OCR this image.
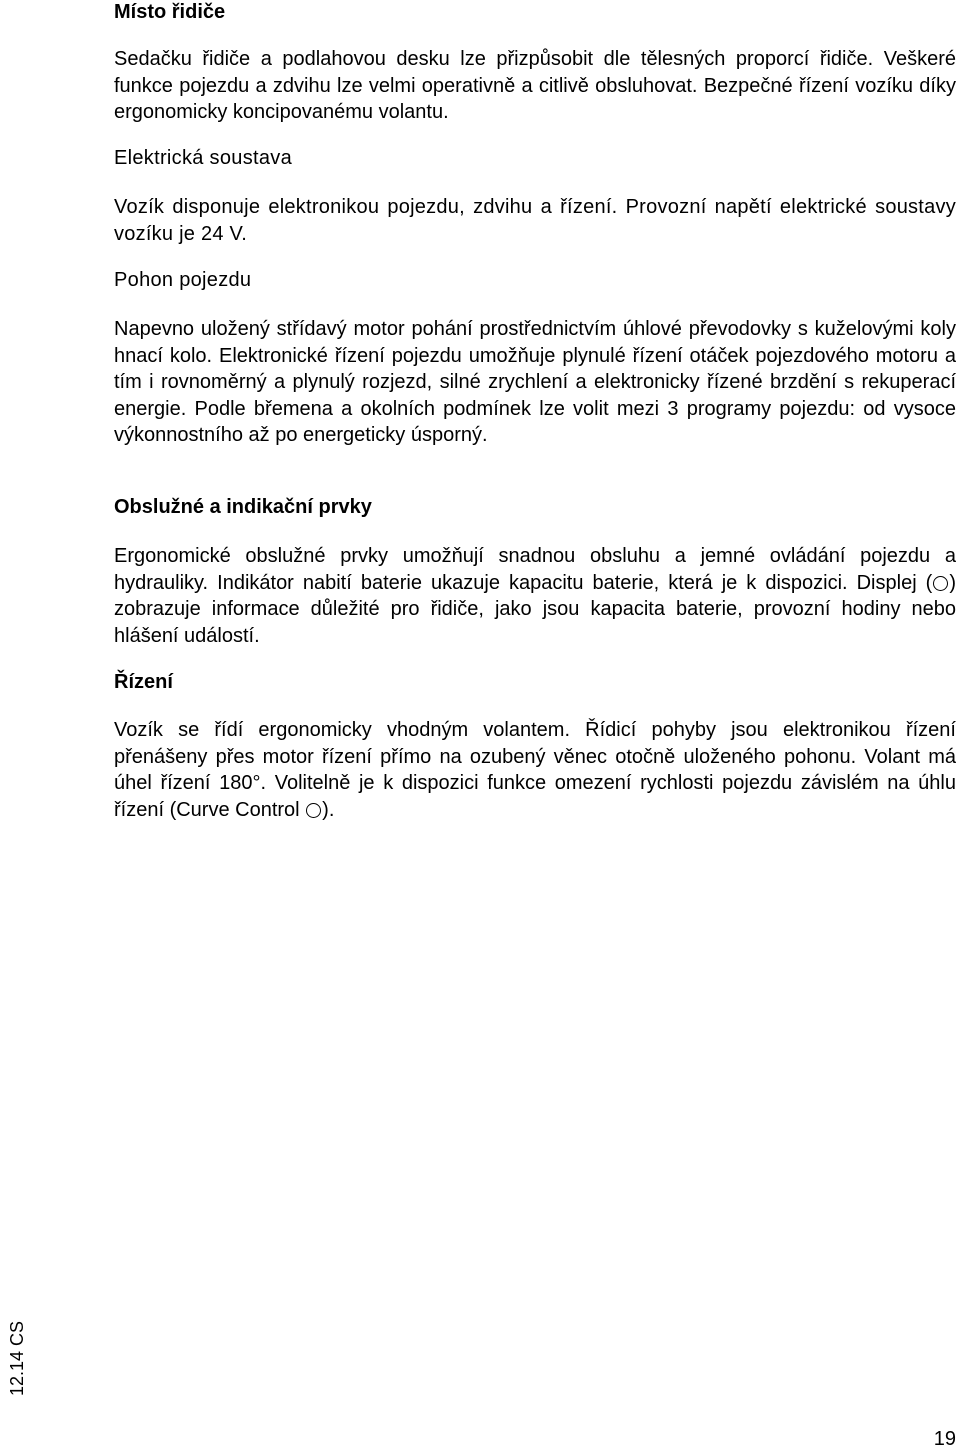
Místo řidiče

Sedačku řidiče a podlahovou desku lze přizpůsobit dle tělesných proporcí řidiče. Veškeré funkce pojezdu a zdvihu lze velmi operativně a citlivě obsluhovat. Bezpečné řízení vozíku díky ergonomicky koncipovanému volantu.

Elektrická soustava

Vozík disponuje elektronikou pojezdu, zdvihu a řízení. Provozní napětí elektrické soustavy vozíku je 24 V.

Pohon pojezdu

Napevno uložený střídavý motor pohání prostřednictvím úhlové převodovky s kuželovými koly hnací kolo. Elektronické řízení pojezdu umožňuje plynulé řízení otáček pojezdového motoru a tím i rovnoměrný a plynulý rozjezd, silné zrychlení a elektronicky řízené brzdění s rekuperací energie. Podle břemena a okolních podmínek lze volit mezi 3 programy pojezdu: od vysoce výkonnostního až po energeticky úsporný.

Obslužné a indikační prvky

Ergonomické obslužné prvky umožňují snadnou obsluhu a jemné ovládání pojezdu a hydrauliky. Indikátor nabití baterie ukazuje kapacitu baterie, která je k dispozici. Displej ( ) zobrazuje informace důležité pro řidiče, jako jsou kapacita baterie, provozní hodiny nebo hlášení událostí.

Řízení

Vozík se řídí ergonomicky vhodným volantem. Řídicí pohyby jsou elektronikou řízení přenášeny přes motor řízení přímo na ozubený věnec otočně uloženého pohonu. Volant má úhel řízení 180°. Volitelně je k dispozici funkce omezení rychlosti pojezdu závislém na úhlu řízení (Curve Control ).

12.14 CS
19
